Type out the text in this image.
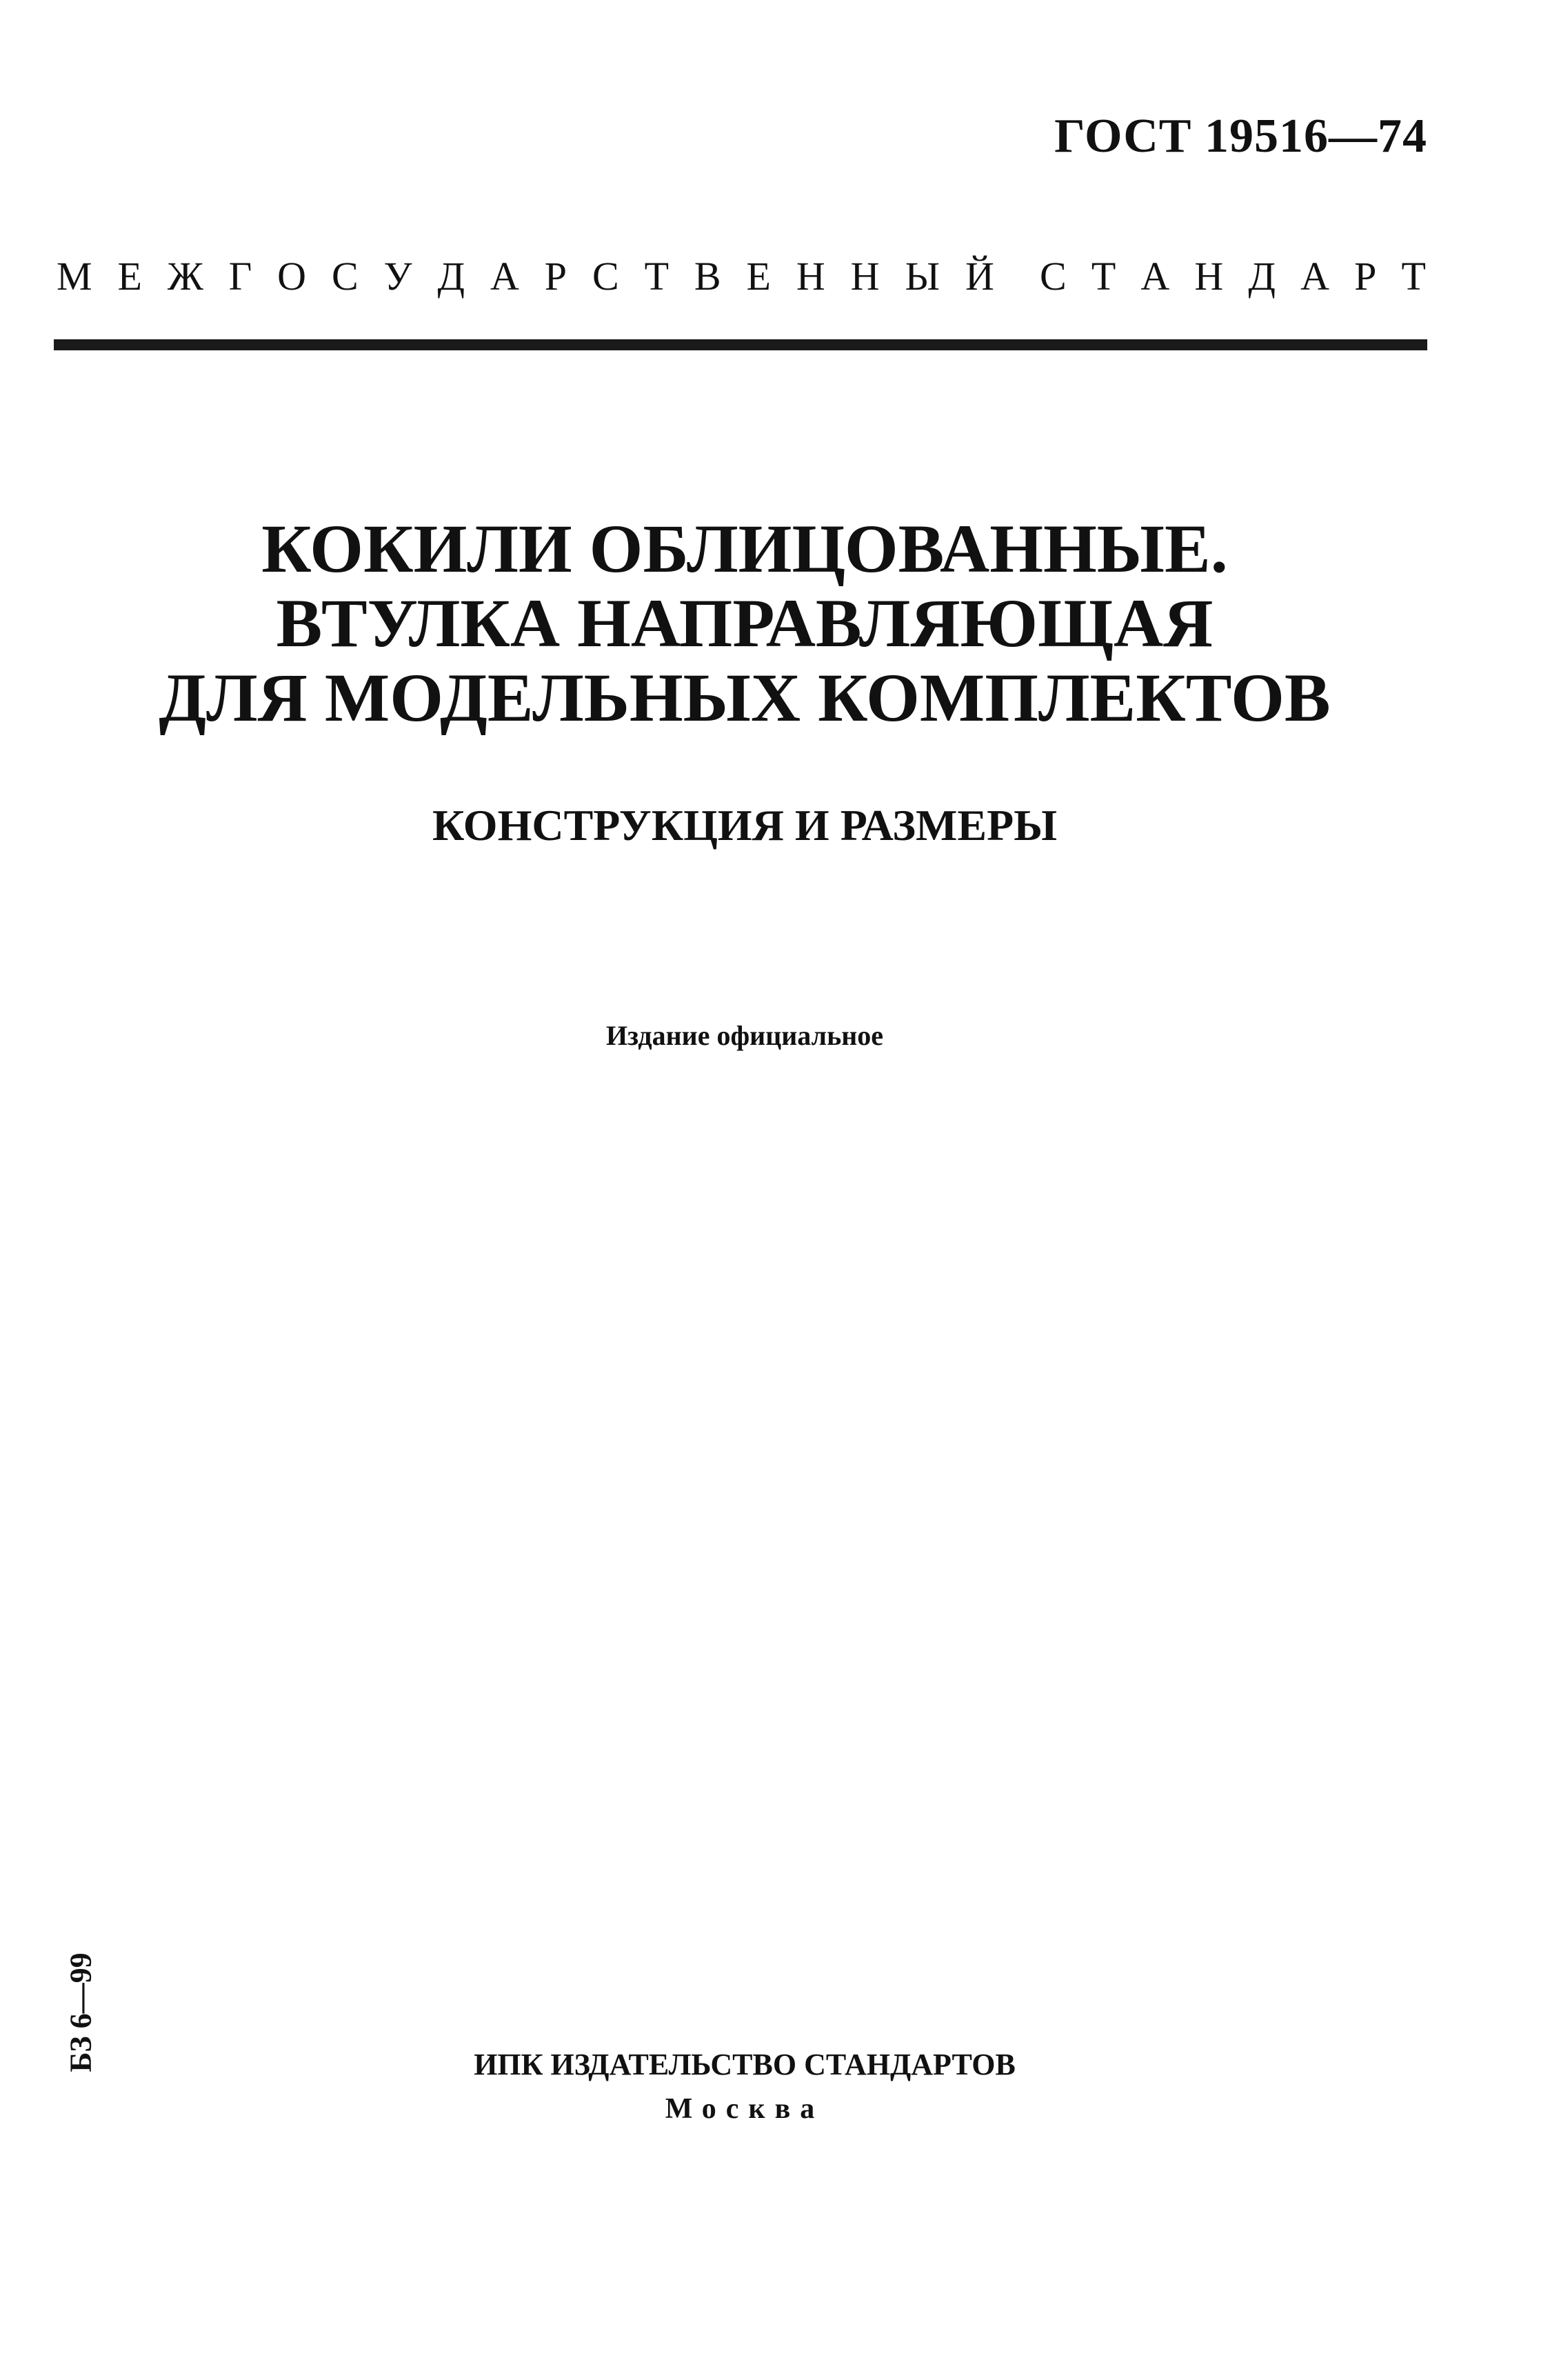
ГОСТ 19516—74
М Е Ж Г О С У Д А Р С Т В Е Н Н Ы Й С Т А Н Д А Р Т
КОКИЛИ ОБЛИЦОВАННЫЕ.
ВТУЛКА НАПРАВЛЯЮЩАЯ
ДЛЯ МОДЕЛЬНЫХ КОМПЛЕКТОВ
КОНСТРУКЦИЯ И РАЗМЕРЫ
Издание официальное
БЗ 6—99	ИПК ИЗДАТЕЛЬСТВО СТАНДАРТОВ
Москва
